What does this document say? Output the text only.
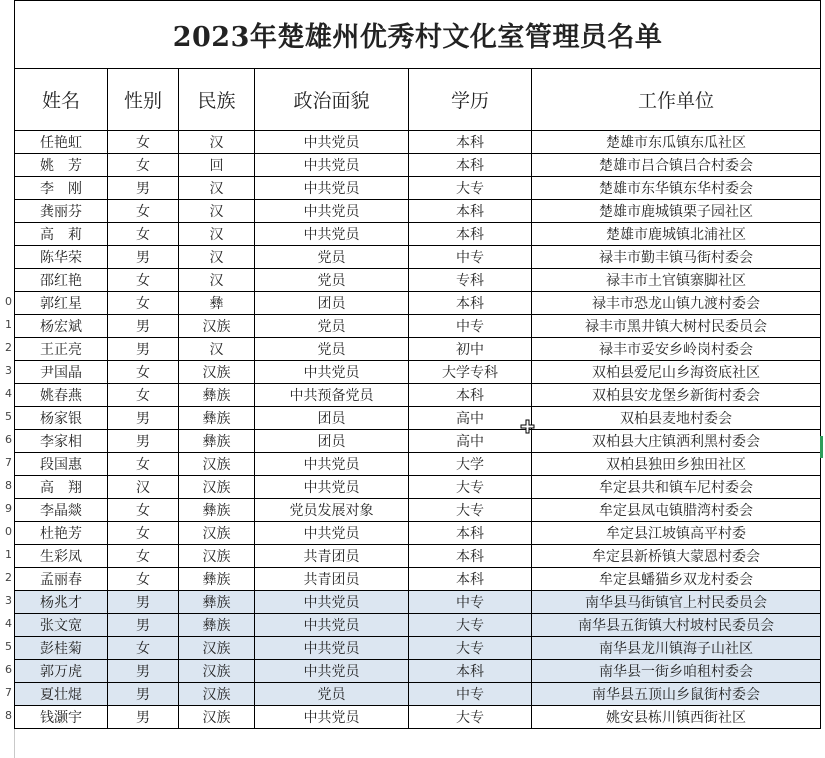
0
1
2
3
4
5
6
7
8
9
0
1
2
3
4
5
6
7
8
2023年楚雄州优秀村文化室管理员名单					
姓名	性别	民族	政治面貌	学历	工作单位
任艳虹	女	汉	中共党员	本科	楚雄市东瓜镇东瓜社区
姚　芳	女	回	中共党员	本科	楚雄市吕合镇吕合村委会
李　刚	男	汉	中共党员	大专	楚雄市东华镇东华村委会
龚丽芬	女	汉	中共党员	本科	楚雄市鹿城镇栗子园社区
高　莉	女	汉	中共党员	本科	楚雄市鹿城镇北浦社区
陈华荣	男	汉	党员	中专	禄丰市勤丰镇马街村委会
邵红艳	女	汉	党员	专科	禄丰市土官镇寨脚社区
郭红星	女	彝	团员	本科	禄丰市恐龙山镇九渡村委会
杨宏斌	男	汉族	党员	中专	禄丰市黑井镇大树村民委员会
王正亮	男	汉	党员	初中	禄丰市妥安乡岭岗村委会
尹国晶	女	汉族	中共党员	大学专科	双柏县爱尼山乡海资底社区
姚春燕	女	彝族	中共预备党员	本科	双柏县安龙堡乡新街村委会
杨家银	男	彝族	团员	高中	双柏县麦地村委会
李家相	男	彝族	团员	高中	双柏县大庄镇洒利黑村委会
段国惠	女	汉族	中共党员	大学	双柏县独田乡独田社区
高　翔	汉	汉族	中共党员	大专	牟定县共和镇车尼村委会
李晶燚	女	彝族	党员发展对象	大专	牟定县凤屯镇腊湾村委会
杜艳芳	女	汉族	中共党员	本科	牟定县江坡镇高平村委
生彩凤	女	汉族	共青团员	本科	牟定县新桥镇大蒙恩村委会
孟丽春	女	彝族	共青团员	本科	牟定县蟠猫乡双龙村委会
杨兆才	男	彝族	中共党员	中专	南华县马街镇官上村民委员会
张文宽	男	彝族	中共党员	大专	南华县五街镇大村坡村民委员会
彭桂菊	女	汉族	中共党员	大专	南华县龙川镇海子山社区
郭万虎	男	汉族	中共党员	本科	南华县一街乡咱租村委会
夏壮焜	男	汉族	党员	中专	南华县五顶山乡鼠街村委会
钱灏宇	男	汉族	中共党员	大专	姚安县栋川镇西街社区
